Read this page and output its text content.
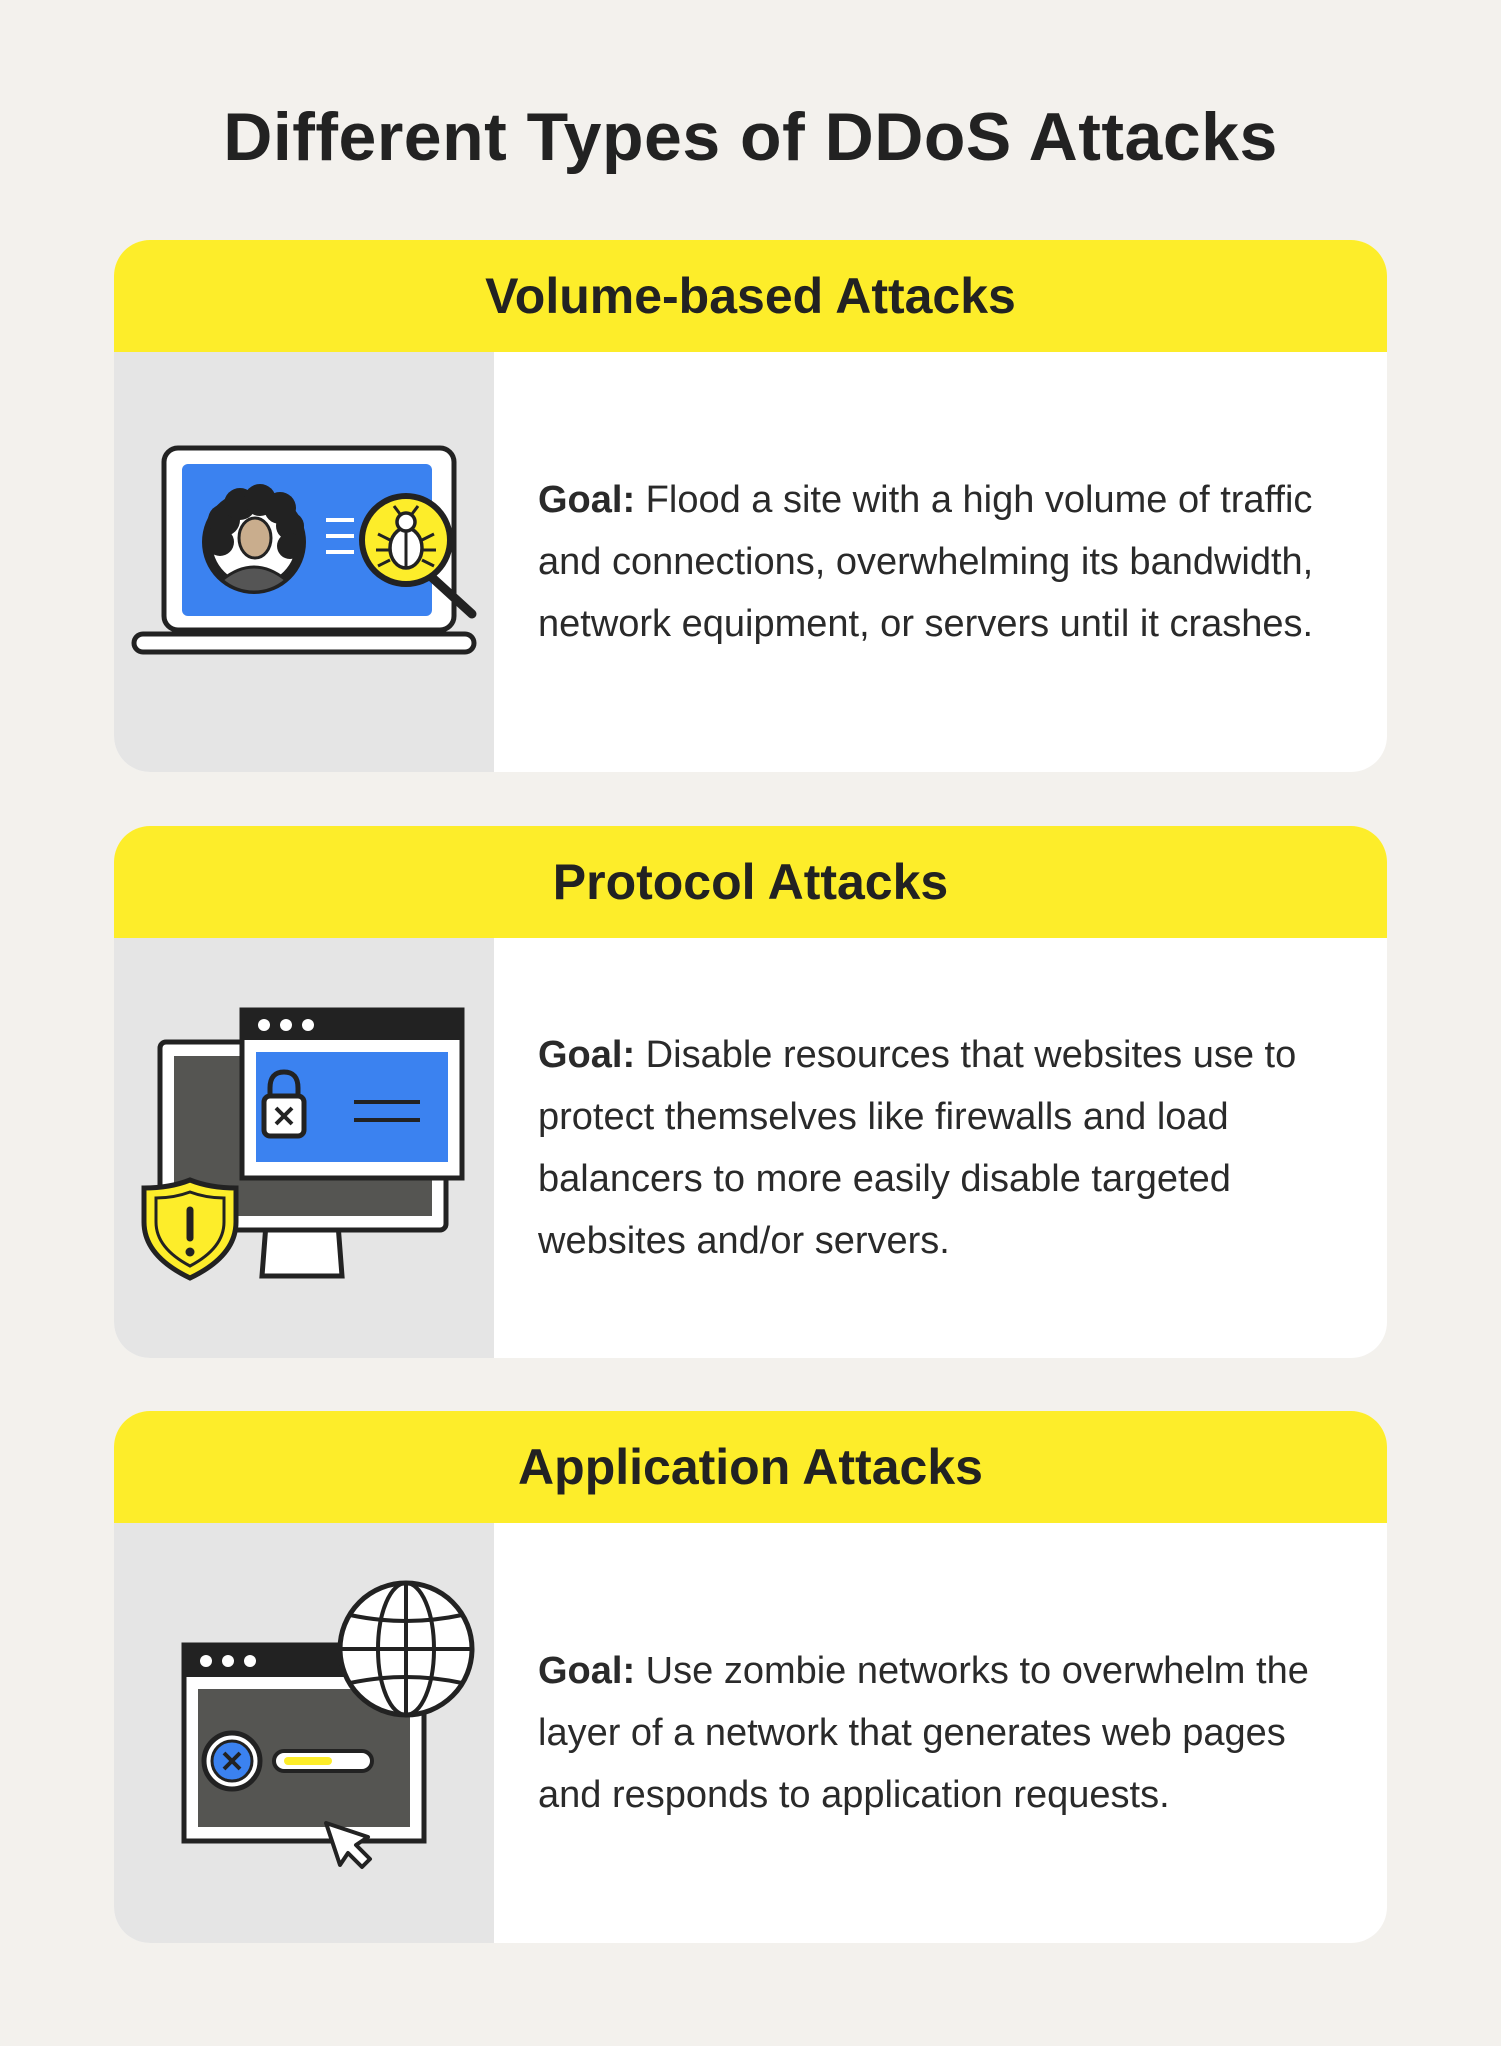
Different Types of DDoS Attacks
Volume-based Attacks

Goal: Flood a site with a high volume of traffic and connections, overwhelming its bandwidth, network equipment, or servers until it crashes.

Protocol Attacks

Goal: Disable resources that websites use to protect themselves like firewalls and load balancers to more easily disable targeted websites and/or servers.

Application Attacks

Goal: Use zombie networks to overwhelm the layer of a network that generates web pages and responds to application requests.
